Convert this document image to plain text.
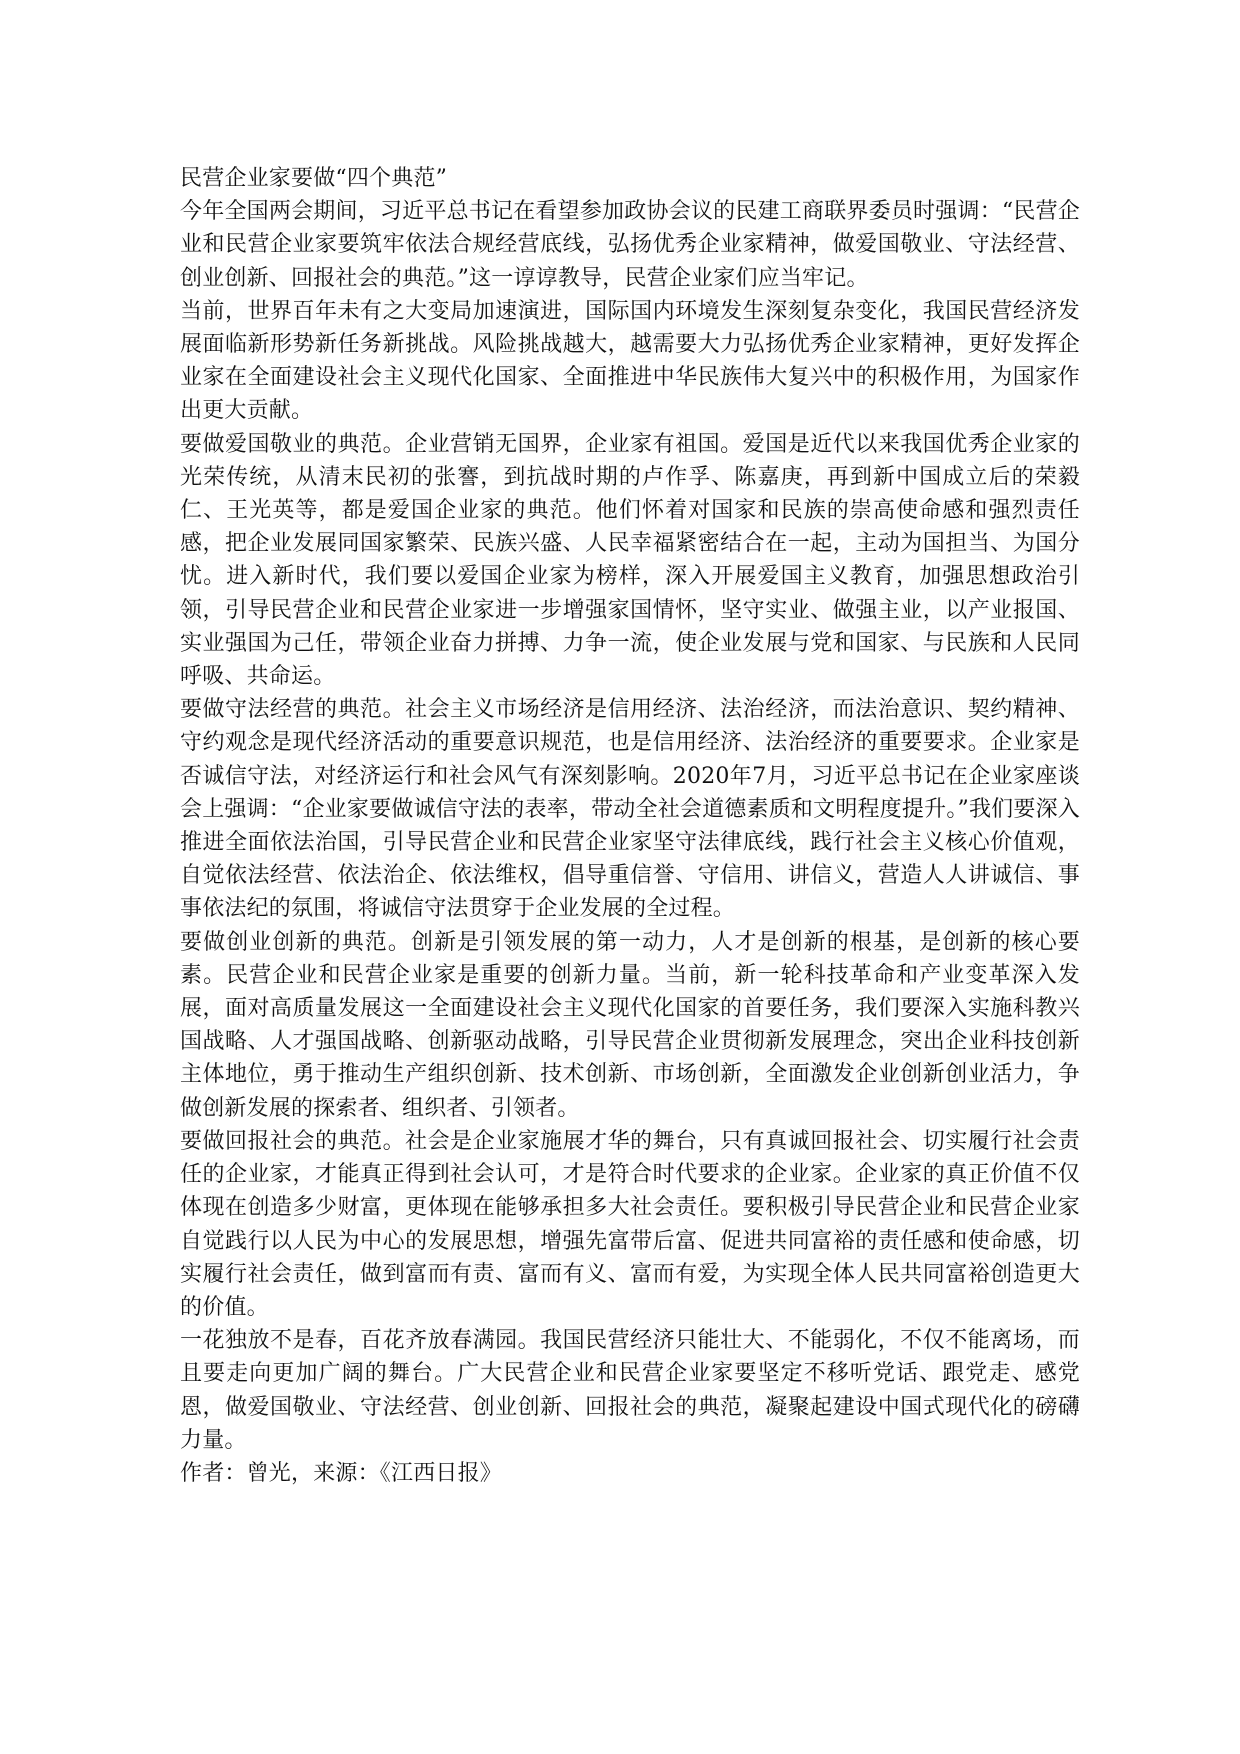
民营企业家要做“四个典范”

今年全国两会期间，习近平总书记在看望参加政协会议的民建工商联界委员时强调：“民营企业和民营企业家要筑牢依法合规经营底线，弘扬优秀企业家精神，做爱国敬业、守法经营、创业创新、回报社会的典范。”这一谆谆教导，民营企业家们应当牢记。

当前，世界百年未有之大变局加速演进，国际国内环境发生深刻复杂变化，我国民营经济发展面临新形势新任务新挑战。风险挑战越大，越需要大力弘扬优秀企业家精神，更好发挥企业家在全面建设社会主义现代化国家、全面推进中华民族伟大复兴中的积极作用，为国家作出更大贡献。

要做爱国敬业的典范。企业营销无国界，企业家有祖国。爱国是近代以来我国优秀企业家的光荣传统，从清末民初的张謇，到抗战时期的卢作孚、陈嘉庚，再到新中国成立后的荣毅仁、王光英等，都是爱国企业家的典范。他们怀着对国家和民族的崇高使命感和强烈责任感，把企业发展同国家繁荣、民族兴盛、人民幸福紧密结合在一起，主动为国担当、为国分忧。进入新时代，我们要以爱国企业家为榜样，深入开展爱国主义教育，加强思想政治引领，引导民营企业和民营企业家进一步增强家国情怀，坚守实业、做强主业，以产业报国、实业强国为己任，带领企业奋力拼搏、力争一流，使企业发展与党和国家、与民族和人民同呼吸、共命运。

要做守法经营的典范。社会主义市场经济是信用经济、法治经济，而法治意识、契约精神、守约观念是现代经济活动的重要意识规范，也是信用经济、法治经济的重要要求。企业家是否诚信守法，对经济运行和社会风气有深刻影响。2020年7月，习近平总书记在企业家座谈会上强调：“企业家要做诚信守法的表率，带动全社会道德素质和文明程度提升。”我们要深入推进全面依法治国，引导民营企业和民营企业家坚守法律底线，践行社会主义核心价值观，自觉依法经营、依法治企、依法维权，倡导重信誉、守信用、讲信义，营造人人讲诚信、事事依法纪的氛围，将诚信守法贯穿于企业发展的全过程。

要做创业创新的典范。创新是引领发展的第一动力，人才是创新的根基，是创新的核心要素。民营企业和民营企业家是重要的创新力量。当前，新一轮科技革命和产业变革深入发展，面对高质量发展这一全面建设社会主义现代化国家的首要任务，我们要深入实施科教兴国战略、人才强国战略、创新驱动战略，引导民营企业贯彻新发展理念，突出企业科技创新主体地位，勇于推动生产组织创新、技术创新、市场创新，全面激发企业创新创业活力，争做创新发展的探索者、组织者、引领者。

要做回报社会的典范。社会是企业家施展才华的舞台，只有真诚回报社会、切实履行社会责任的企业家，才能真正得到社会认可，才是符合时代要求的企业家。企业家的真正价值不仅体现在创造多少财富，更体现在能够承担多大社会责任。要积极引导民营企业和民营企业家自觉践行以人民为中心的发展思想，增强先富带后富、促进共同富裕的责任感和使命感，切实履行社会责任，做到富而有责、富而有义、富而有爱，为实现全体人民共同富裕创造更大的价值。

一花独放不是春，百花齐放春满园。我国民营经济只能壮大、不能弱化，不仅不能离场，而且要走向更加广阔的舞台。广大民营企业和民营企业家要坚定不移听党话、跟党走、感党恩，做爱国敬业、守法经营、创业创新、回报社会的典范，凝聚起建设中国式现代化的磅礴力量。

作者：曾光，来源：《江西日报》
